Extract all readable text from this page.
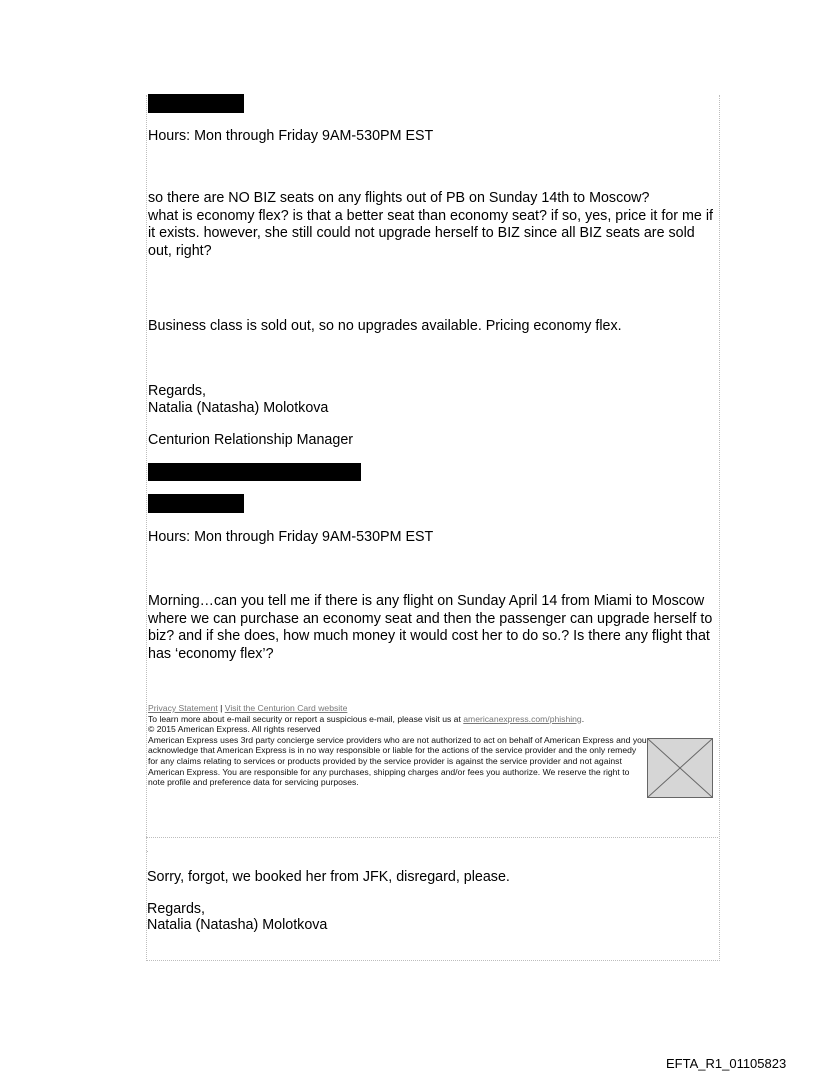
Hours: Mon through Friday 9AM-530PM EST

so there are NO BIZ seats on any flights out of PB on Sunday 14th to Moscow?
what is economy flex? is that a better seat than economy seat? if so, yes, price it for me if it exists. however, she still could not upgrade herself to BIZ since all BIZ seats are sold out, right?

Business class is sold out, so no upgrades available. Pricing economy flex.

Regards,

Natalia (Natasha) Molotkova

Centurion Relationship Manager

Hours: Mon through Friday 9AM-530PM EST

Morning…can you tell me if there is any flight on Sunday April 14 from Miami to Moscow where we can purchase an economy seat and then the passenger can upgrade herself to biz? and if she does, how much money it would cost her to do so.? Is there any flight that has ‘economy flex’?

Privacy Statement | Visit the Centurion Card website

To learn more about e-mail security or report a suspicious e-mail, please visit us at americanexpress.com/phishing.

© 2015 American Express. All rights reserved

American Express uses 3rd party concierge service providers who are not authorized to act on behalf of American Express and you acknowledge that American Express is in no way responsible or liable for the actions of the service provider and the only remedy for any claims relating to services or products provided by the service provider is against the service provider and not against American Express. You are responsible for any purchases, shipping charges and/or fees you authorize. We reserve the right to note profile and preference data for servicing purposes.

.

Sorry, forgot, we booked her from JFK, disregard, please.

Regards,

Natalia (Natasha) Molotkova

EFTA_R1_01105823
